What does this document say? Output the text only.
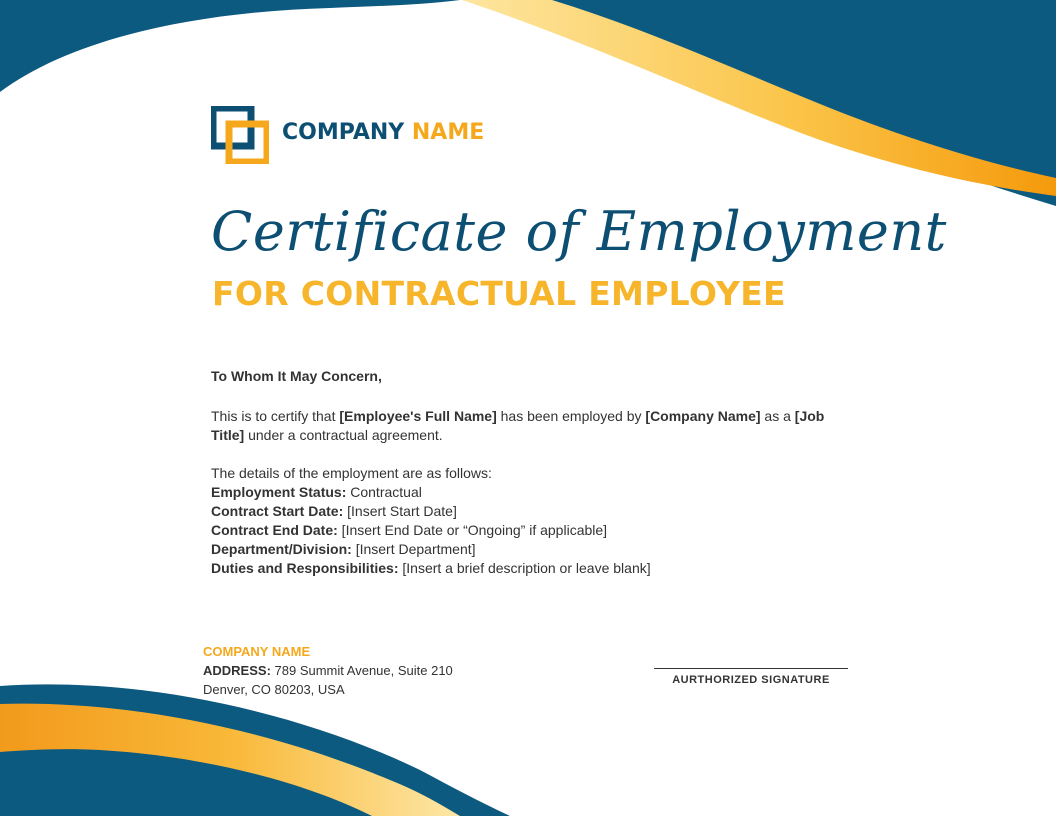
COMPANY NAME
Certificate of Employment
FOR CONTRACTUAL EMPLOYEE

To Whom It May Concern,

This is to certify that [Employee's Full Name] has been employed by [Company Name] as a [Job Title] under a contractual agreement.

The details of the employment are as follows:
Employment Status: Contractual
Contract Start Date: [Insert Start Date]
Contract End Date: [Insert End Date or “Ongoing” if applicable]
Department/Division: [Insert Department]
Duties and Responsibilities: [Insert a brief description or leave blank]
COMPANY NAME
ADDRESS: 789 Summit Avenue, Suite 210
Denver, CO 80203, USA
AURTHORIZED SIGNATURE
